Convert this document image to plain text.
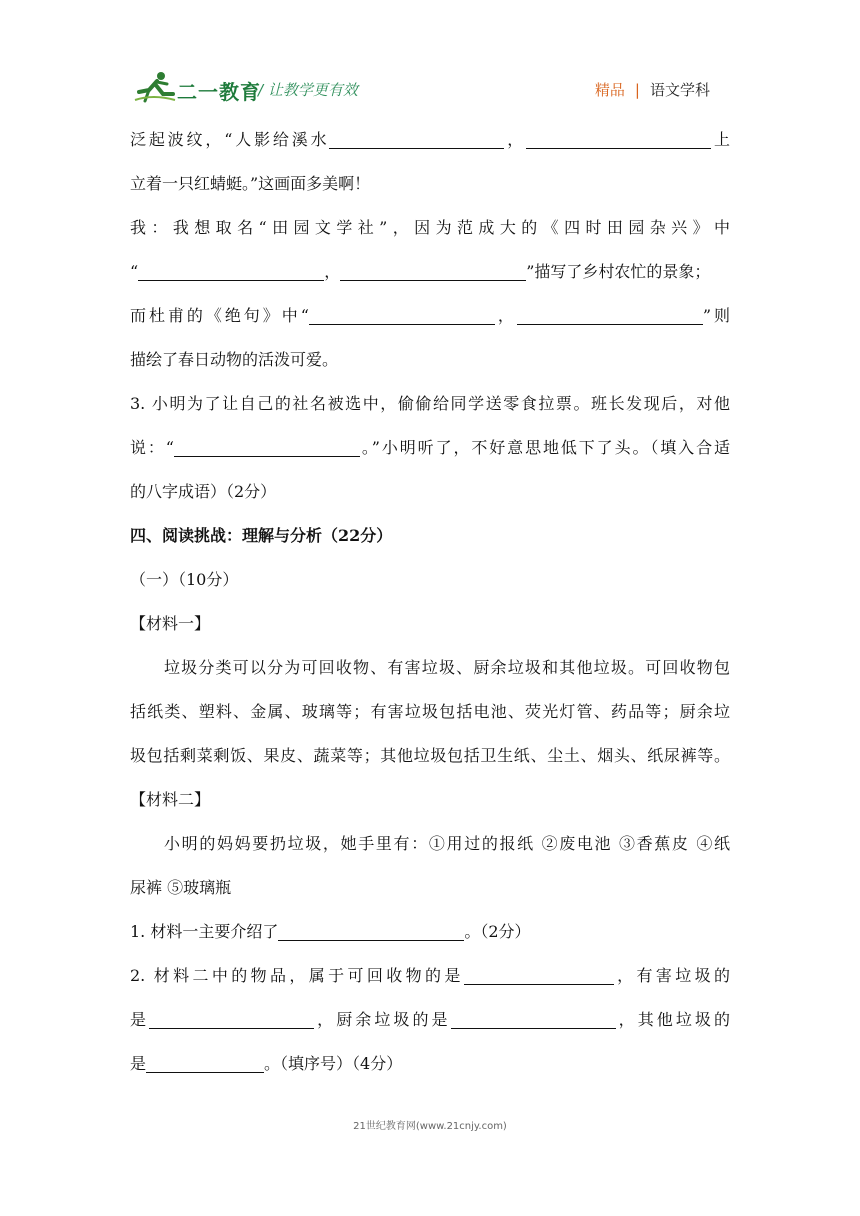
二一教育
/ 让教学更有效	精品 | 语文学科
泛起波纹，“人影给溪水	，	上
立着一只红蜻蜓。”这画面多美啊！
我：我想取名“田园文学社”，因为范成大的《四时田园杂兴》中
“	，	”描写了乡村农忙的景象；
而杜甫的《绝句》中“	，	”则
描绘了春日动物的活泼可爱。
3. 小明为了让自己的社名被选中，偷偷给同学送零食拉票。班长发现后，对他
说：“	。”小明听了，不好意思地低下了头。（填入合适
的八字成语）（2分）
四、阅读挑战：理解与分析（22分）
（一）（10分）
【材料一】
垃圾分类可以分为可回收物、有害垃圾、厨余垃圾和其他垃圾。可回收物包
括纸类、塑料、金属、玻璃等；有害垃圾包括电池、荧光灯管、药品等；厨余垃
圾包括剩菜剩饭、果皮、蔬菜等；其他垃圾包括卫生纸、尘土、烟头、纸尿裤等。
【材料二】
小明的妈妈要扔垃圾，她手里有：①用过的报纸 ②废电池 ③香蕉皮 ④纸
尿裤 ⑤玻璃瓶
1. 材料一主要介绍了	。（2分）
2. 材料二中的物品，属于可回收物的是	，有害垃圾的
是	，厨余垃圾的是	，其他垃圾的
是	。（填序号）（4分）
21世纪教育网(www.21cnjy.com)
